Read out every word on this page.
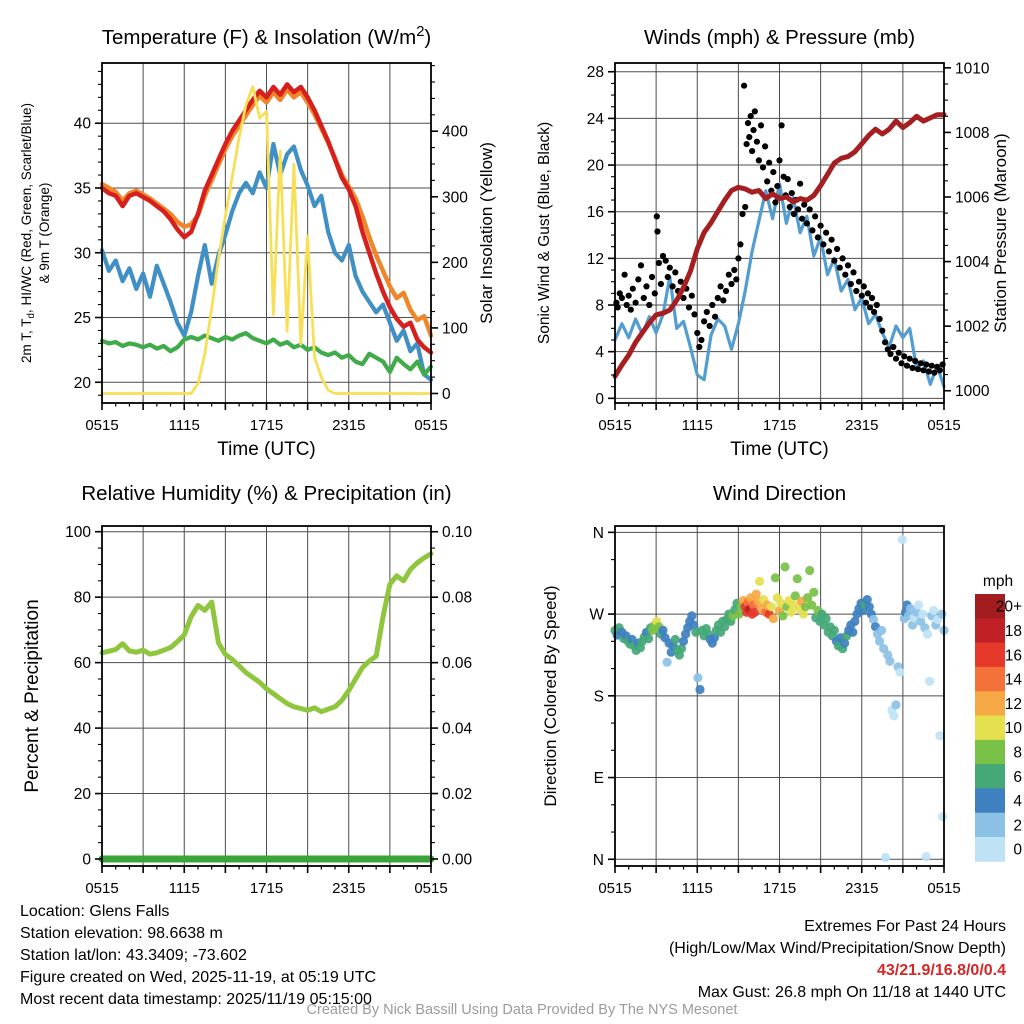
0515	1115	1715	2315	0515
Time (UTC)
20
25
30
35
40
2m T, $T_d$, HI/WC (Red, Green, Scarlet/Blue) & 9m T (Orange)
0
100
200
300
400
Solar Insolation (Yellow)
Temperature (F) & Insolation $(W/m^2)$
0515	1115	1715	2315	0515
Time (UTC)
0
4
8
12
16
20
24
28
Sonic Wind & Gust (Blue, Black)
1000
1002
1004
1006
1008
1010
Station Pressure (Maroon)
Winds (mph) & Pressure (mb)
0515	1115	1715	2315	0515
0
20
40
60
80
100
Percent & Precipitation
0.00
0.02
0.04
0.06
0.08
0.10
Relative Humidity (%) & Precipitation (in)
0515	1115	1715	2315	0515
N
E
S
W
N
Direction (Colored By Speed)
Wind Direction
20+
18
16
14
12
10
8
6
4
2
0
mph
Location: Glens Falls
Station elevation: 98.6638 m
Station lat/lon: 43.3409; -73.602
Figure created on Wed, 2025-11-19, at 05:19 UTC
Most recent data timestamp: 2025/11/19 05:15:00
Extremes For Past 24 Hours
(High/Low/Max Wind/Precipitation/Snow Depth)
43/21.9/16.8/0/0.4
Max Gust: 26.8 mph On 11/18 at 1440 UTC
Created By Nick Bassill Using Data Provided By The NYS Mesonet
